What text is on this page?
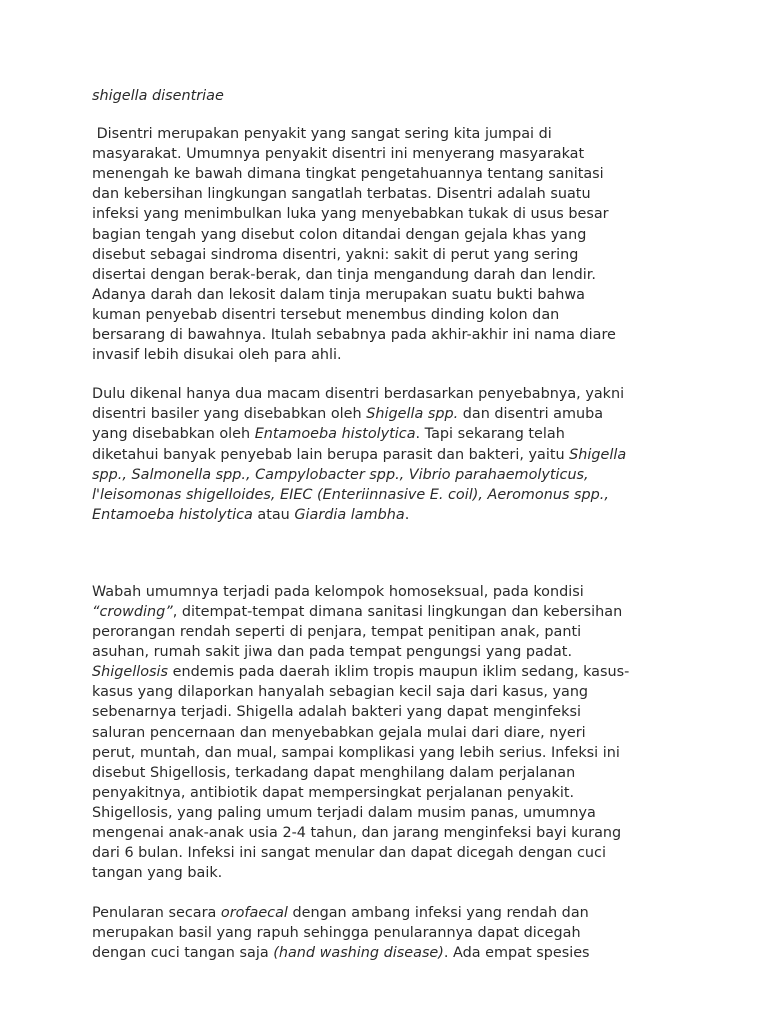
shigella disentriae

Disentri merupakan penyakit yang sangat sering kita jumpai di
masyarakat. Umumnya penyakit disentri ini menyerang masyarakat
menengah ke bawah dimana tingkat pengetahuannya tentang sanitasi
dan kebersihan lingkungan sangatlah terbatas. Disentri adalah suatu
infeksi yang menimbulkan luka yang menyebabkan tukak di usus besar
bagian tengah yang disebut colon ditandai dengan gejala khas yang
disebut sebagai sindroma disentri, yakni: sakit di perut yang sering
disertai dengan berak-berak, dan tinja mengandung darah dan lendir.
Adanya darah dan lekosit dalam tinja merupakan suatu bukti bahwa
kuman penyebab disentri tersebut menembus dinding kolon dan
bersarang di bawahnya. Itulah sebabnya pada akhir-akhir ini nama diare
invasif lebih disukai oleh para ahli.

Dulu dikenal hanya dua macam disentri berdasarkan penyebabnya, yakni
disentri basiler yang disebabkan oleh Shigella spp. dan disentri amuba
yang disebabkan oleh Entamoeba histolytica. Tapi sekarang telah
diketahui banyak penyebab lain berupa parasit dan bakteri, yaitu Shigella
spp., Salmonella spp., Campylobacter spp., Vibrio parahaemolyticus,
l'leisomonas shigelloides, EIEC (Enteriinnasive E. coil), Aeromonus spp.,
Entamoeba histolytica atau Giardia lambha.

Wabah umumnya terjadi pada kelompok homoseksual, pada kondisi
“crowding”, ditempat-tempat dimana sanitasi lingkungan dan kebersihan
perorangan rendah seperti di penjara, tempat penitipan anak, panti
asuhan, rumah sakit jiwa dan pada tempat pengungsi yang padat.
Shigellosis endemis pada daerah iklim tropis maupun iklim sedang, kasus-
kasus yang dilaporkan hanyalah sebagian kecil saja dari kasus, yang
sebenarnya terjadi. Shigella adalah bakteri yang dapat menginfeksi
saluran pencernaan dan menyebabkan gejala mulai dari diare, nyeri
perut, muntah, dan mual, sampai komplikasi yang lebih serius. Infeksi ini
disebut Shigellosis, terkadang dapat menghilang dalam perjalanan
penyakitnya, antibiotik dapat mempersingkat perjalanan penyakit.
Shigellosis, yang paling umum terjadi dalam musim panas, umumnya
mengenai anak-anak usia 2-4 tahun, dan jarang menginfeksi bayi kurang
dari 6 bulan. Infeksi ini sangat menular dan dapat dicegah dengan cuci
tangan yang baik.

Penularan secara orofaecal dengan ambang infeksi yang rendah dan
merupakan basil yang rapuh sehingga penularannya dapat dicegah
dengan cuci tangan saja (hand washing disease). Ada empat spesies
